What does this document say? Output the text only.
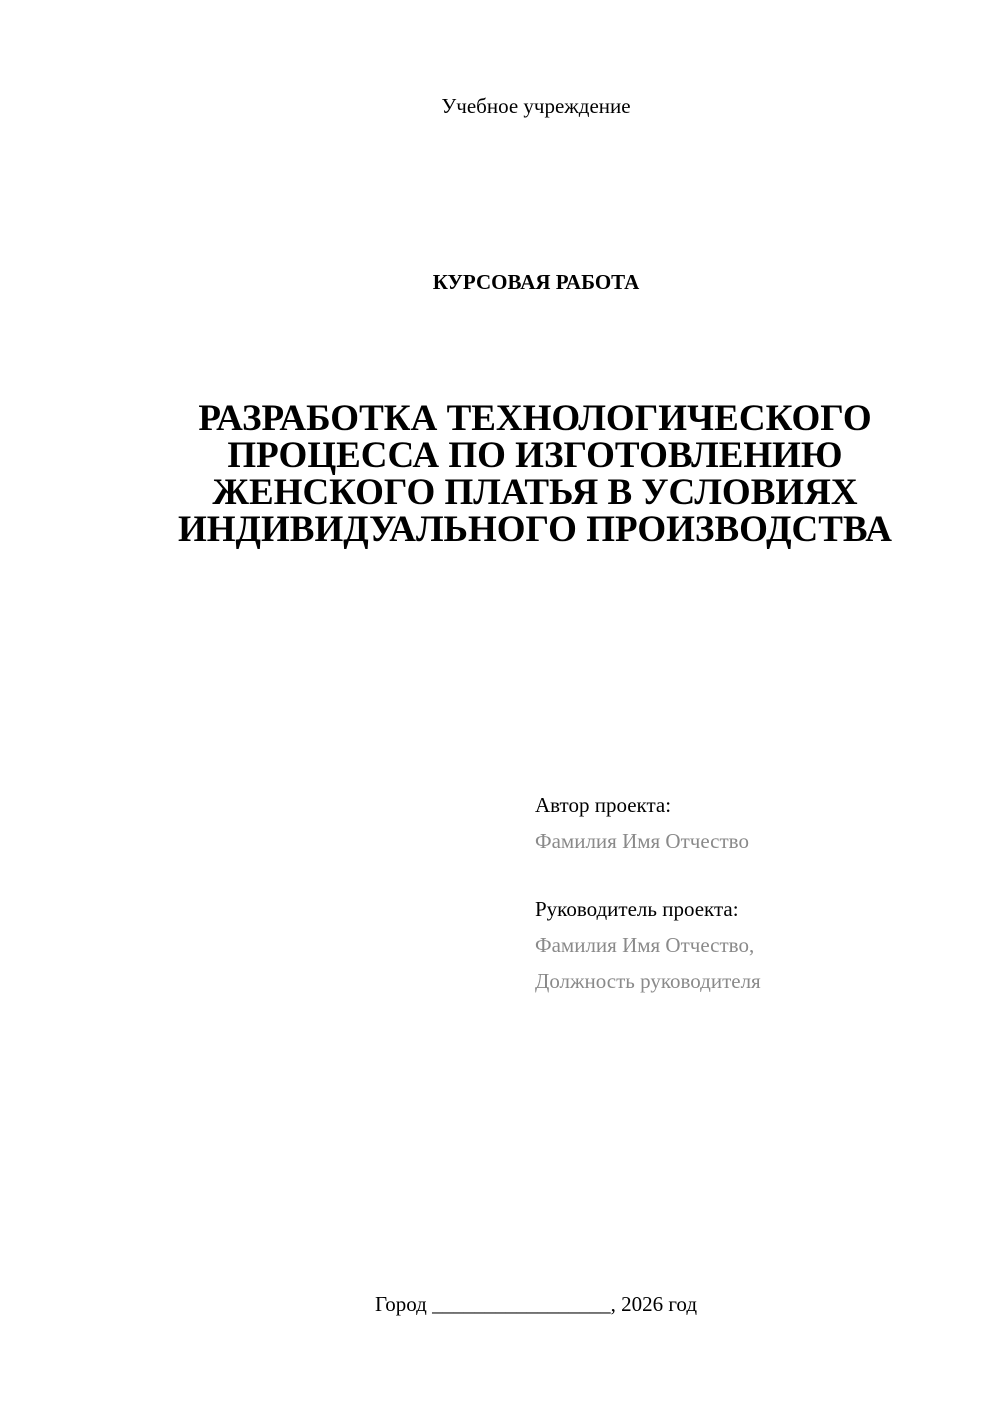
Учебное учреждение
КУРСОВАЯ РАБОТА
РАЗРАБОТКА ТЕХНОЛОГИЧЕСКОГО
ПРОЦЕССА ПО ИЗГОТОВЛЕНИЮ
ЖЕНСКОГО ПЛАТЬЯ В УСЛОВИЯХ
ИНДИВИДУАЛЬНОГО ПРОИЗВОДСТВА
Автор проекта:
Фамилия Имя Отчество
Руководитель проекта:
Фамилия Имя Отчество,
Должность руководителя
Город _________________, 2026 год
